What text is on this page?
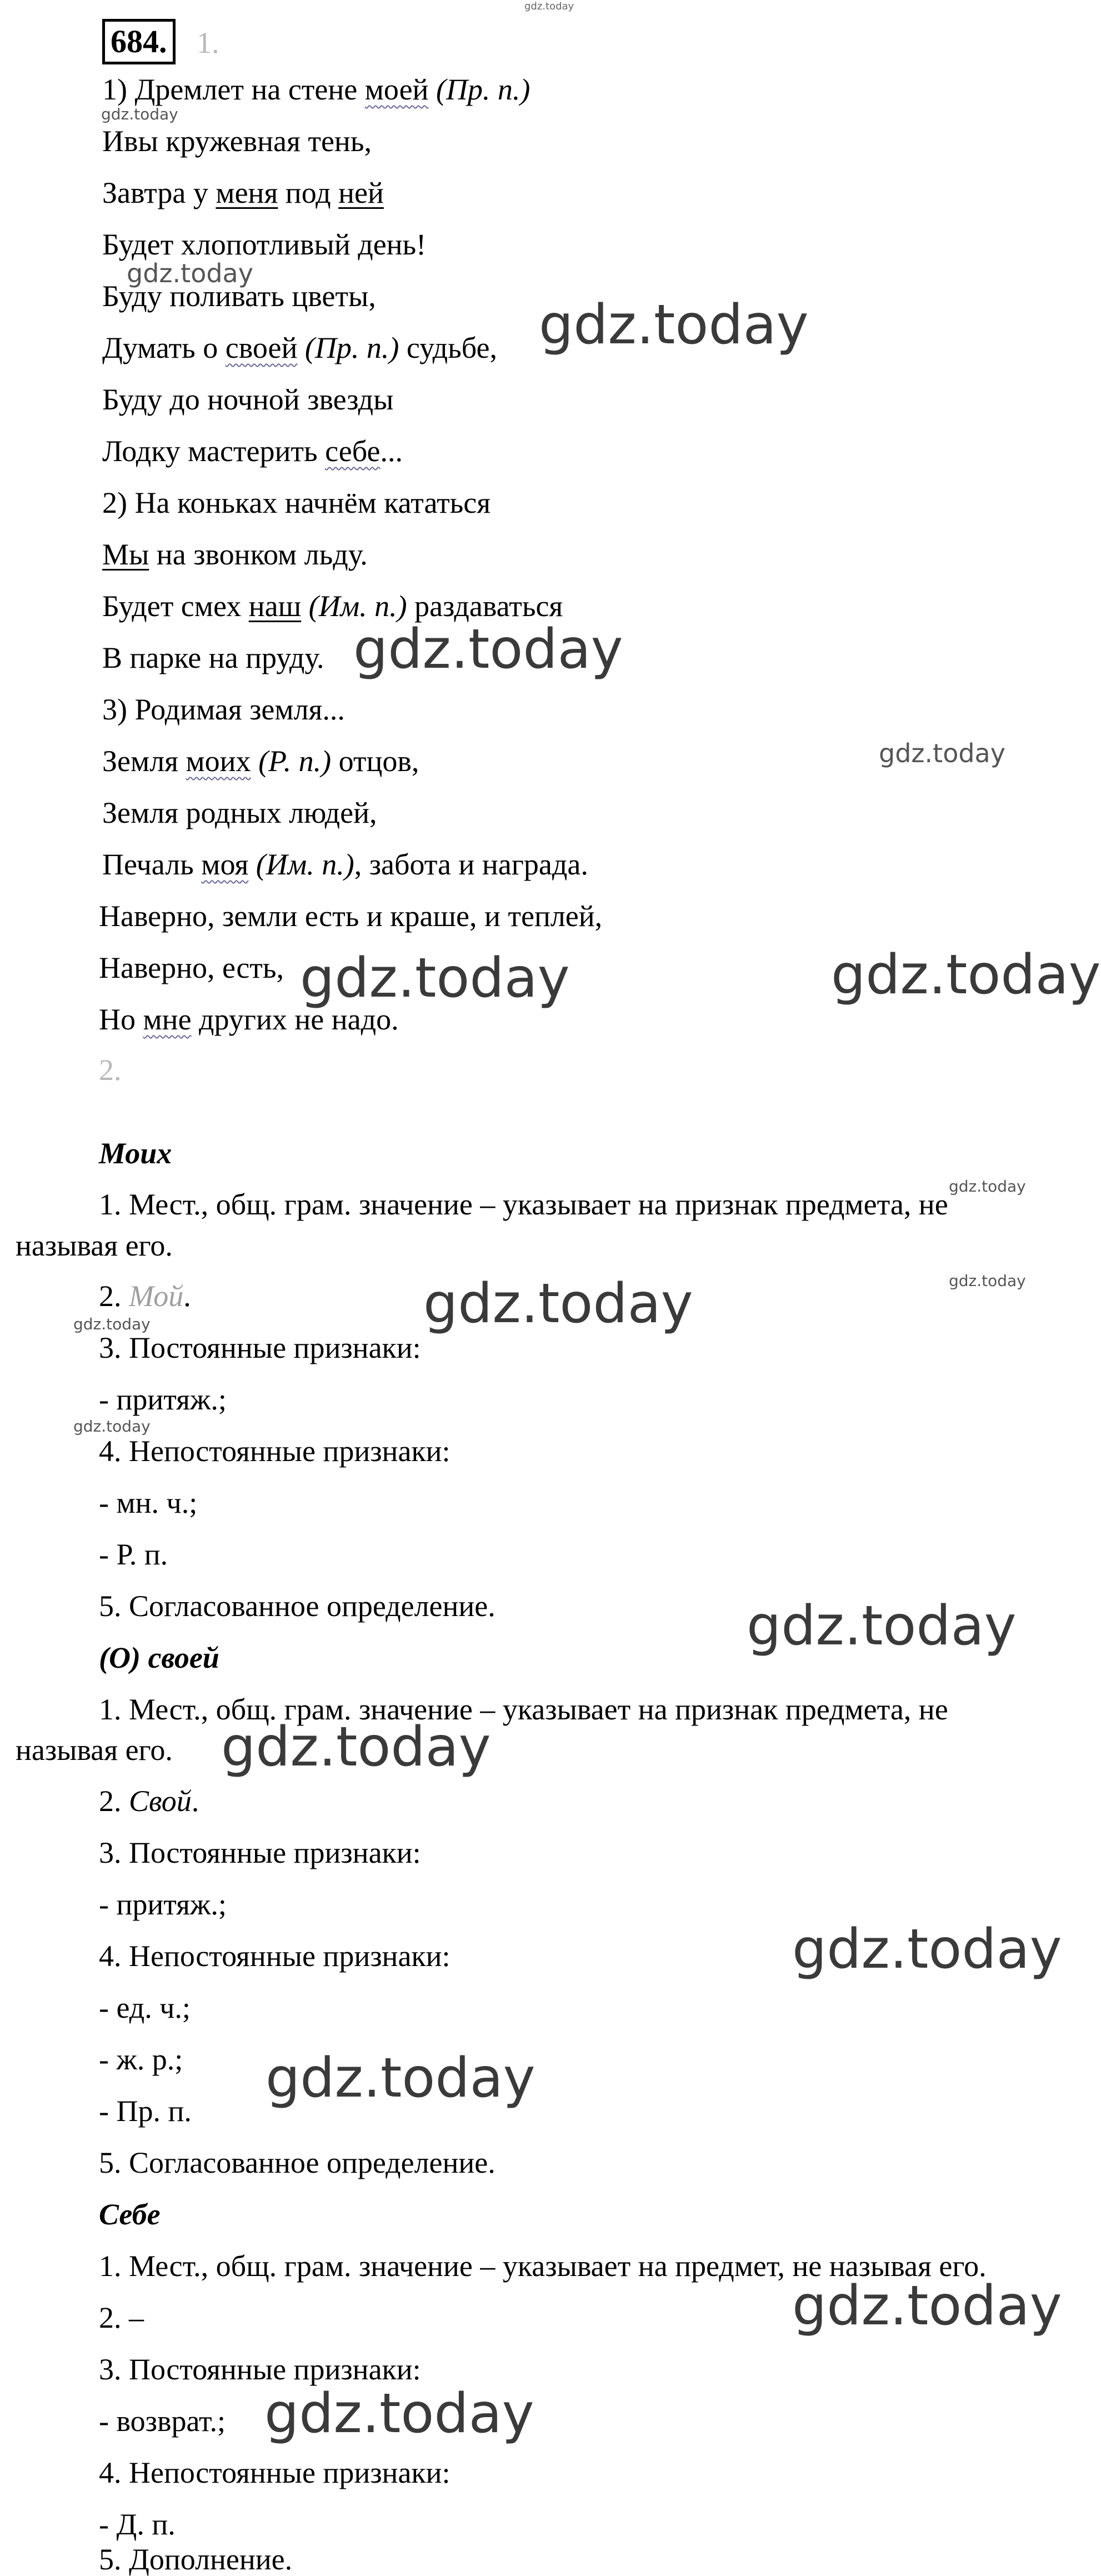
684. 1.
1) Дремлет на стене моей (Пр. п.)
Ивы кружевная тень,
Завтра у меня под ней
Будет хлопотливый день!
Буду поливать цветы,
Думать о своей (Пр. п.) судьбе,
Буду до ночной звезды
Лодку мастерить себе...
2) На коньках начнём кататься
Мы на звонком льду.
Будет смех наш (Им. п.) раздаваться
В парке на пруду.
3) Родимая земля...
Земля моих (Р. п.) отцов,
Земля родных людей,
Печаль моя (Им. п.), забота и награда.
Наверно, земли есть и краше, и теплей,
Наверно, есть,
Но мне других не надо.
2.
Моих
1. Мест., общ. грам. значение – указывает на признак предмета, не
называя его.
2. Мой.
3. Постоянные признаки:
- притяж.;
4. Непостоянные признаки:
- мн. ч.;
- Р. п.
5. Согласованное определение.
(О) своей
1. Мест., общ. грам. значение – указывает на признак предмета, не
называя его.
2. Свой.
3. Постоянные признаки:
- притяж.;
4. Непостоянные признаки:
- ед. ч.;
- ж. р.;
- Пр. п.
5. Согласованное определение.
Себе
1. Мест., общ. грам. значение – указывает на предмет, не называя его.
2. –
3. Постоянные признаки:
- возврат.;
4. Непостоянные признаки:
- Д. п.
5. Дополнение.
gdz.today
gdz.today
gdz.today
gdz.today
gdz.today
gdz.today
gdz.today	gdz.today
gdz.today
gdz.today
gdz.today
gdz.today
gdz.today
gdz.today
gdz.today
gdz.today
gdz.today
gdz.today
gdz.today
